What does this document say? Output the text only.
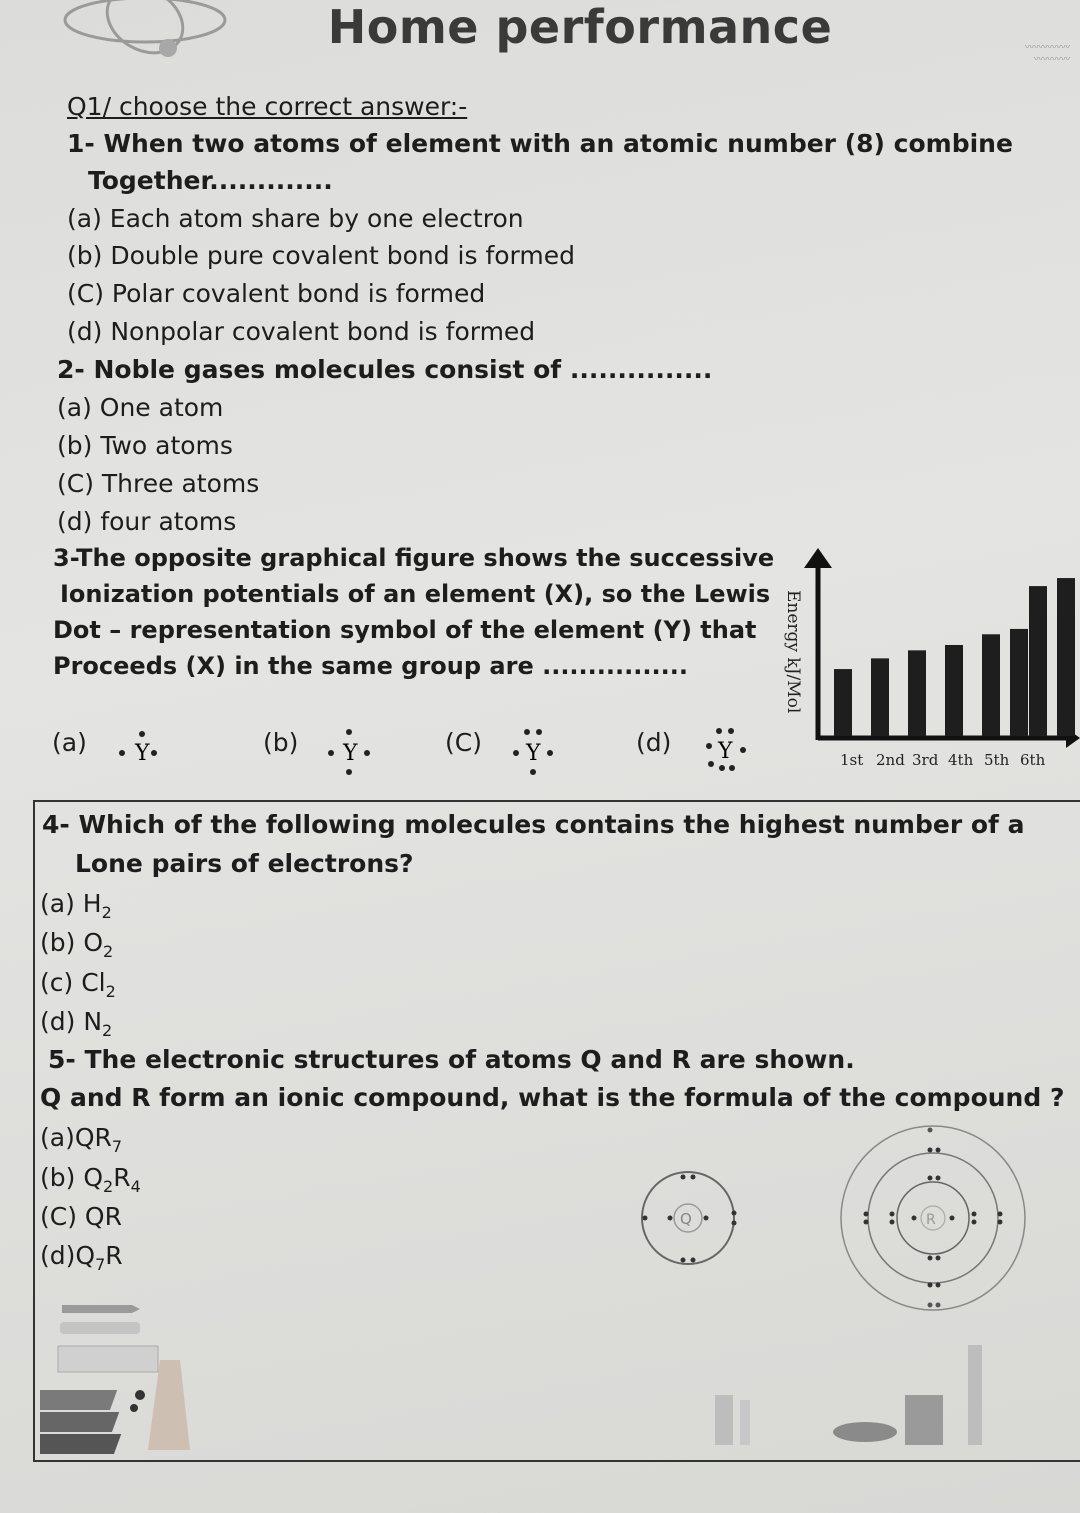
Home performance	〰〰〰〰〰
〰〰〰〰
Q1/ choose the correct answer:-
1- When two atoms of element with an atomic number (8) combine
Together.............
(a) Each atom share by one electron
(b) Double pure covalent bond is formed
(C) Polar covalent bond is formed
(d) Nonpolar covalent bond is formed
2- Noble gases molecules consist of ...............
(a) One atom
(b) Two atoms
(C) Three atoms
(d) four atoms
3-The opposite graphical figure shows the successive
Ionization potentials of an element (X), so the Lewis
Dot – representation symbol of the element (Y) that
Proceeds (X) in the same group are ................
(a) Y	(b) Y	(C) Y	(d) Y
Energy kJ/Mol
1st 2nd 3rd 4th 5th 6th
4- Which of the following molecules contains the highest number of a
Lone pairs of electrons?
(a) $H_2$
(b) $O_2$
(c) $Cl_2$
(d) $N_2$
5- The electronic structures of atoms Q and R are shown.
Q and R form an ionic compound, what is the formula of the compound ?
$(a)QR_7$
(b) $Q_2R_4$
(C) QR
$(d)Q_7R$
Q	R
